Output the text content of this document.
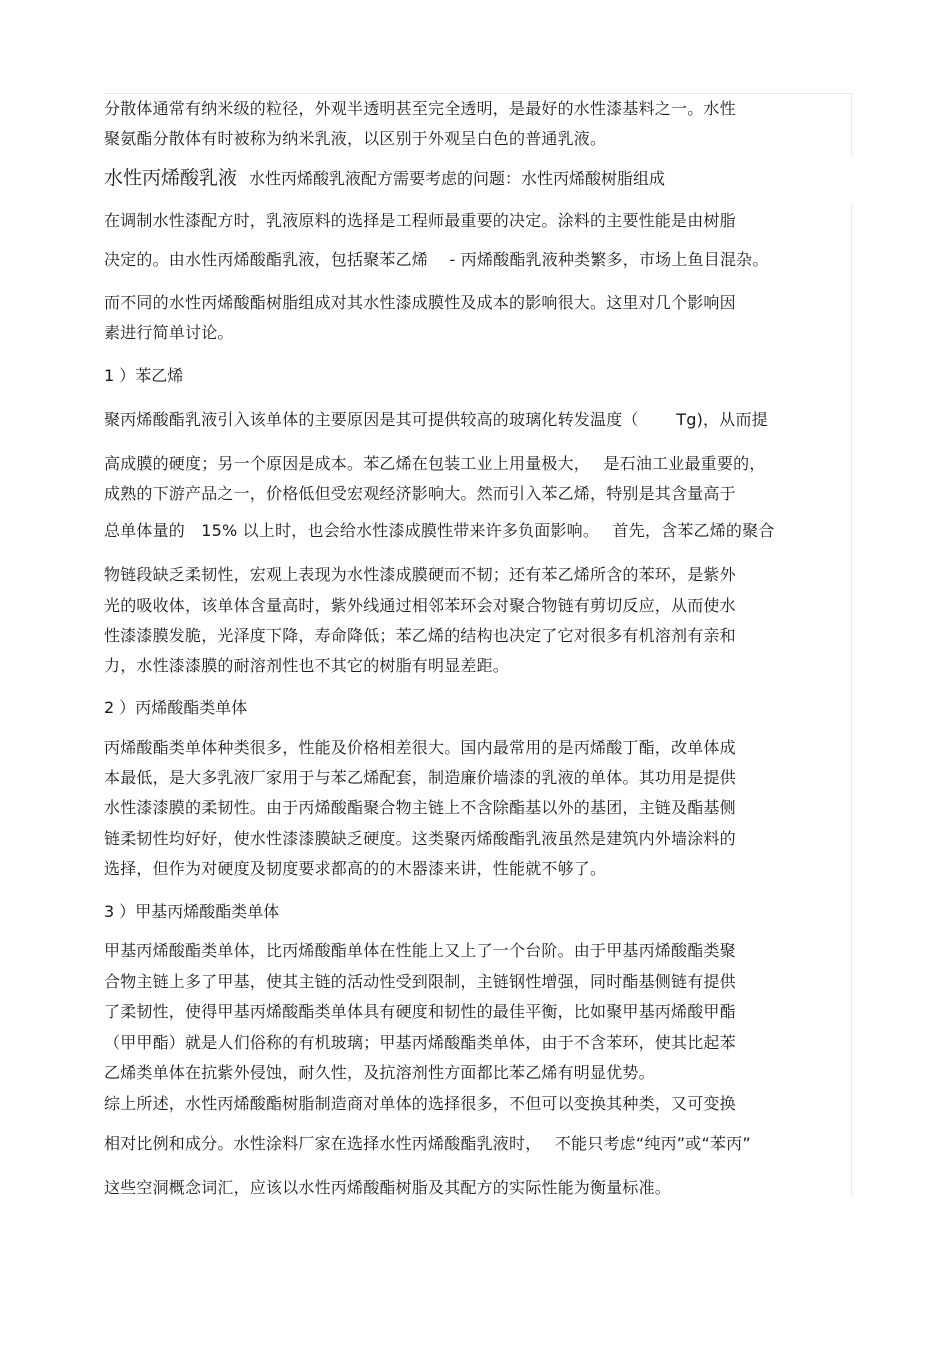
分散体通常有纳米级的粒径，外观半透明甚至完全透明，是最好的水性漆基料之一。水性
聚氨酯分散体有时被称为纳米乳液，以区别于外观呈白色的普通乳液。
水性丙烯酸乳液 水性丙烯酸乳液配方需要考虑的问题：水性丙烯酸树脂组成
在调制水性漆配方时，乳液原料的选择是工程师最重要的决定。涂料的主要性能是由树脂
决定的。由水性丙烯酸酯乳液，包括聚苯乙烯　 - 丙烯酸酯乳液种类繁多，市场上鱼目混杂。
而不同的水性丙烯酸酯树脂组成对其水性漆成膜性及成本的影响很大。这里对几个影响因
素进行简单讨论。
1 ）苯乙烯
聚丙烯酸酯乳液引入该单体的主要原因是其可提供较高的玻璃化转发温度（　　 Tg)，从而提
高成膜的硬度；另一个原因是成本。苯乙烯在包装工业上用量极大，　 是石油工业最重要的，
成熟的下游产品之一，价格低但受宏观经济影响大。然而引入苯乙烯，特别是其含量高于
总单体量的　15% 以上时，也会给水性漆成膜性带来许多负面影响。　 首先，含苯乙烯的聚合
物链段缺乏柔韧性，宏观上表现为水性漆成膜硬而不韧；还有苯乙烯所含的苯环，是紫外
光的吸收体，该单体含量高时，紫外线通过相邻苯环会对聚合物链有剪切反应，从而使水
性漆漆膜发脆，光泽度下降，寿命降低；苯乙烯的结构也决定了它对很多有机溶剂有亲和
力，水性漆漆膜的耐溶剂性也不其它的树脂有明显差距。
2 ）丙烯酸酯类单体
丙烯酸酯类单体种类很多，性能及价格相差很大。国内最常用的是丙烯酸丁酯，改单体成
本最低，是大多乳液厂家用于与苯乙烯配套，制造廉价墙漆的乳液的单体。其功用是提供
水性漆漆膜的柔韧性。由于丙烯酸酯聚合物主链上不含除酯基以外的基团，主链及酯基侧
链柔韧性均好好，使水性漆漆膜缺乏硬度。这类聚丙烯酸酯乳液虽然是建筑内外墙涂料的
选择，但作为对硬度及韧度要求都高的的木器漆来讲，性能就不够了。
3 ）甲基丙烯酸酯类单体
甲基丙烯酸酯类单体，比丙烯酸酯单体在性能上又上了一个台阶。由于甲基丙烯酸酯类聚
合物主链上多了甲基，使其主链的活动性受到限制，主链钢性增强，同时酯基侧链有提供
了柔韧性，使得甲基丙烯酸酯类单体具有硬度和韧性的最佳平衡，比如聚甲基丙烯酸甲酯
（甲甲酯）就是人们俗称的有机玻璃；甲基丙烯酸酯类单体，由于不含苯环，使其比起苯
乙烯类单体在抗紫外侵蚀，耐久性，及抗溶剂性方面都比苯乙烯有明显优势。
综上所述，水性丙烯酸酯树脂制造商对单体的选择很多，不但可以变换其种类，又可变换
相对比例和成分。水性涂料厂家在选择水性丙烯酸酯乳液时，　 不能只考虑“纯丙”或“苯丙”
这些空洞概念词汇，应该以水性丙烯酸酯树脂及其配方的实际性能为衡量标准。
